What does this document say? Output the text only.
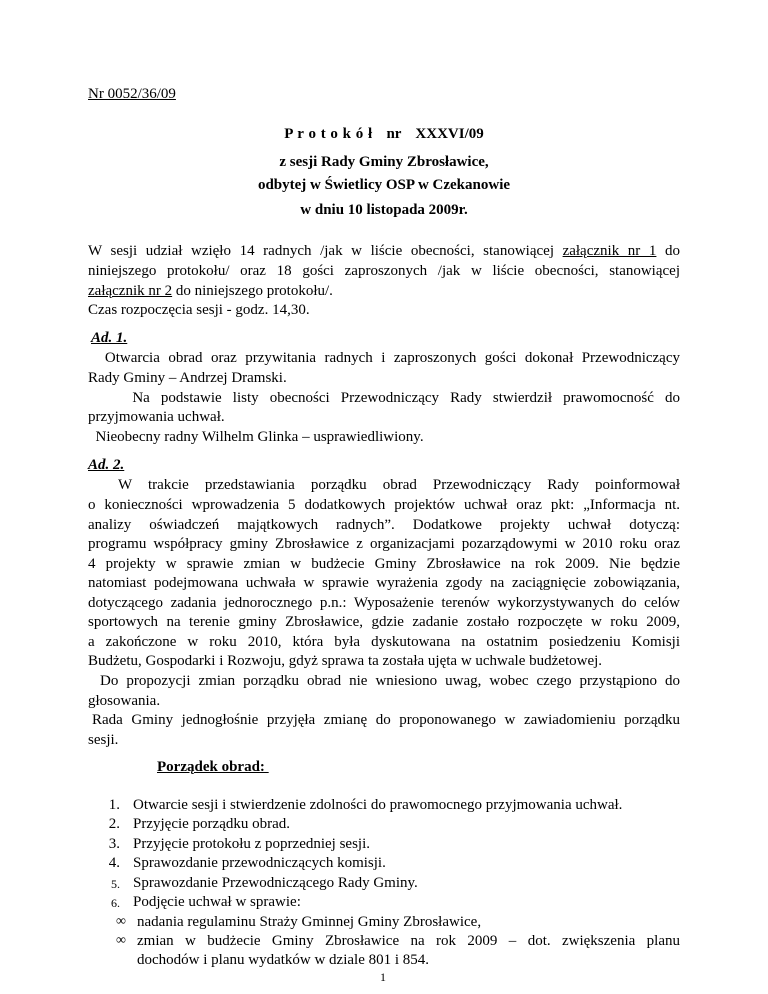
Nr 0052/36/09
P r o t o k ó ł   nr   XXXVI/09
z sesji Rady Gminy Zbrosławice,
odbytej w Świetlicy OSP w Czekanowie
w dniu 10 listopada 2009r.
W sesji udział wzięło 14 radnych /jak w liście obecności, stanowiącej załącznik nr 1 do
niniejszego protokołu/ oraz 18 gości zaproszonych /jak w liście obecności, stanowiącej
załącznik nr 2 do niniejszego protokołu/.
Czas rozpoczęcia sesji - godz. 14,30.
Ad. 1.
Otwarcia obrad oraz przywitania radnych i zaproszonych gości dokonał Przewodniczący
Rady Gminy – Andrzej Dramski.
Na podstawie listy obecności Przewodniczący Rady stwierdził prawomocność do
przyjmowania uchwał.
Nieobecny radny Wilhelm Glinka – usprawiedliwiony.
Ad. 2.
W trakcie przedstawiania porządku obrad Przewodniczący Rady poinformował
o konieczności wprowadzenia 5 dodatkowych projektów uchwał oraz pkt: „Informacja nt.
analizy oświadczeń majątkowych radnych”. Dodatkowe projekty uchwał dotyczą:
programu współpracy gminy Zbrosławice z organizacjami pozarządowymi w 2010 roku oraz
4 projekty w sprawie zmian w budżecie Gminy Zbrosławice na rok 2009. Nie będzie
natomiast podejmowana uchwała w sprawie wyrażenia zgody na zaciągnięcie zobowiązania,
dotyczącego zadania jednorocznego p.n.: Wyposażenie terenów wykorzystywanych do celów
sportowych na terenie gminy Zbrosławice, gdzie zadanie zostało rozpoczęte w roku 2009,
a zakończone w roku 2010, która była dyskutowana na ostatnim posiedzeniu Komisji
Budżetu, Gospodarki i Rozwoju, gdyż sprawa ta została ujęta w uchwale budżetowej.
Do propozycji zmian porządku obrad nie wniesiono uwag, wobec czego przystąpiono do
głosowania.
Rada Gminy jednogłośnie przyjęła zmianę do proponowanego w zawiadomieniu porządku
sesji.
Porządek obrad:
1. Otwarcie sesji i stwierdzenie zdolności do prawomocnego przyjmowania uchwał.
2. Przyjęcie porządku obrad.
3. Przyjęcie protokołu z poprzedniej sesji.
4. Sprawozdanie przewodniczących komisji.
5. Sprawozdanie Przewodniczącego Rady Gminy.
6. Podjęcie uchwał w sprawie:
∞ nadania regulaminu Straży Gminnej Gminy Zbrosławice,
∞ zmian w budżecie Gminy Zbrosławice na rok 2009 – dot. zwiększenia planu
dochodów i planu wydatków w dziale 801 i 854.
1
